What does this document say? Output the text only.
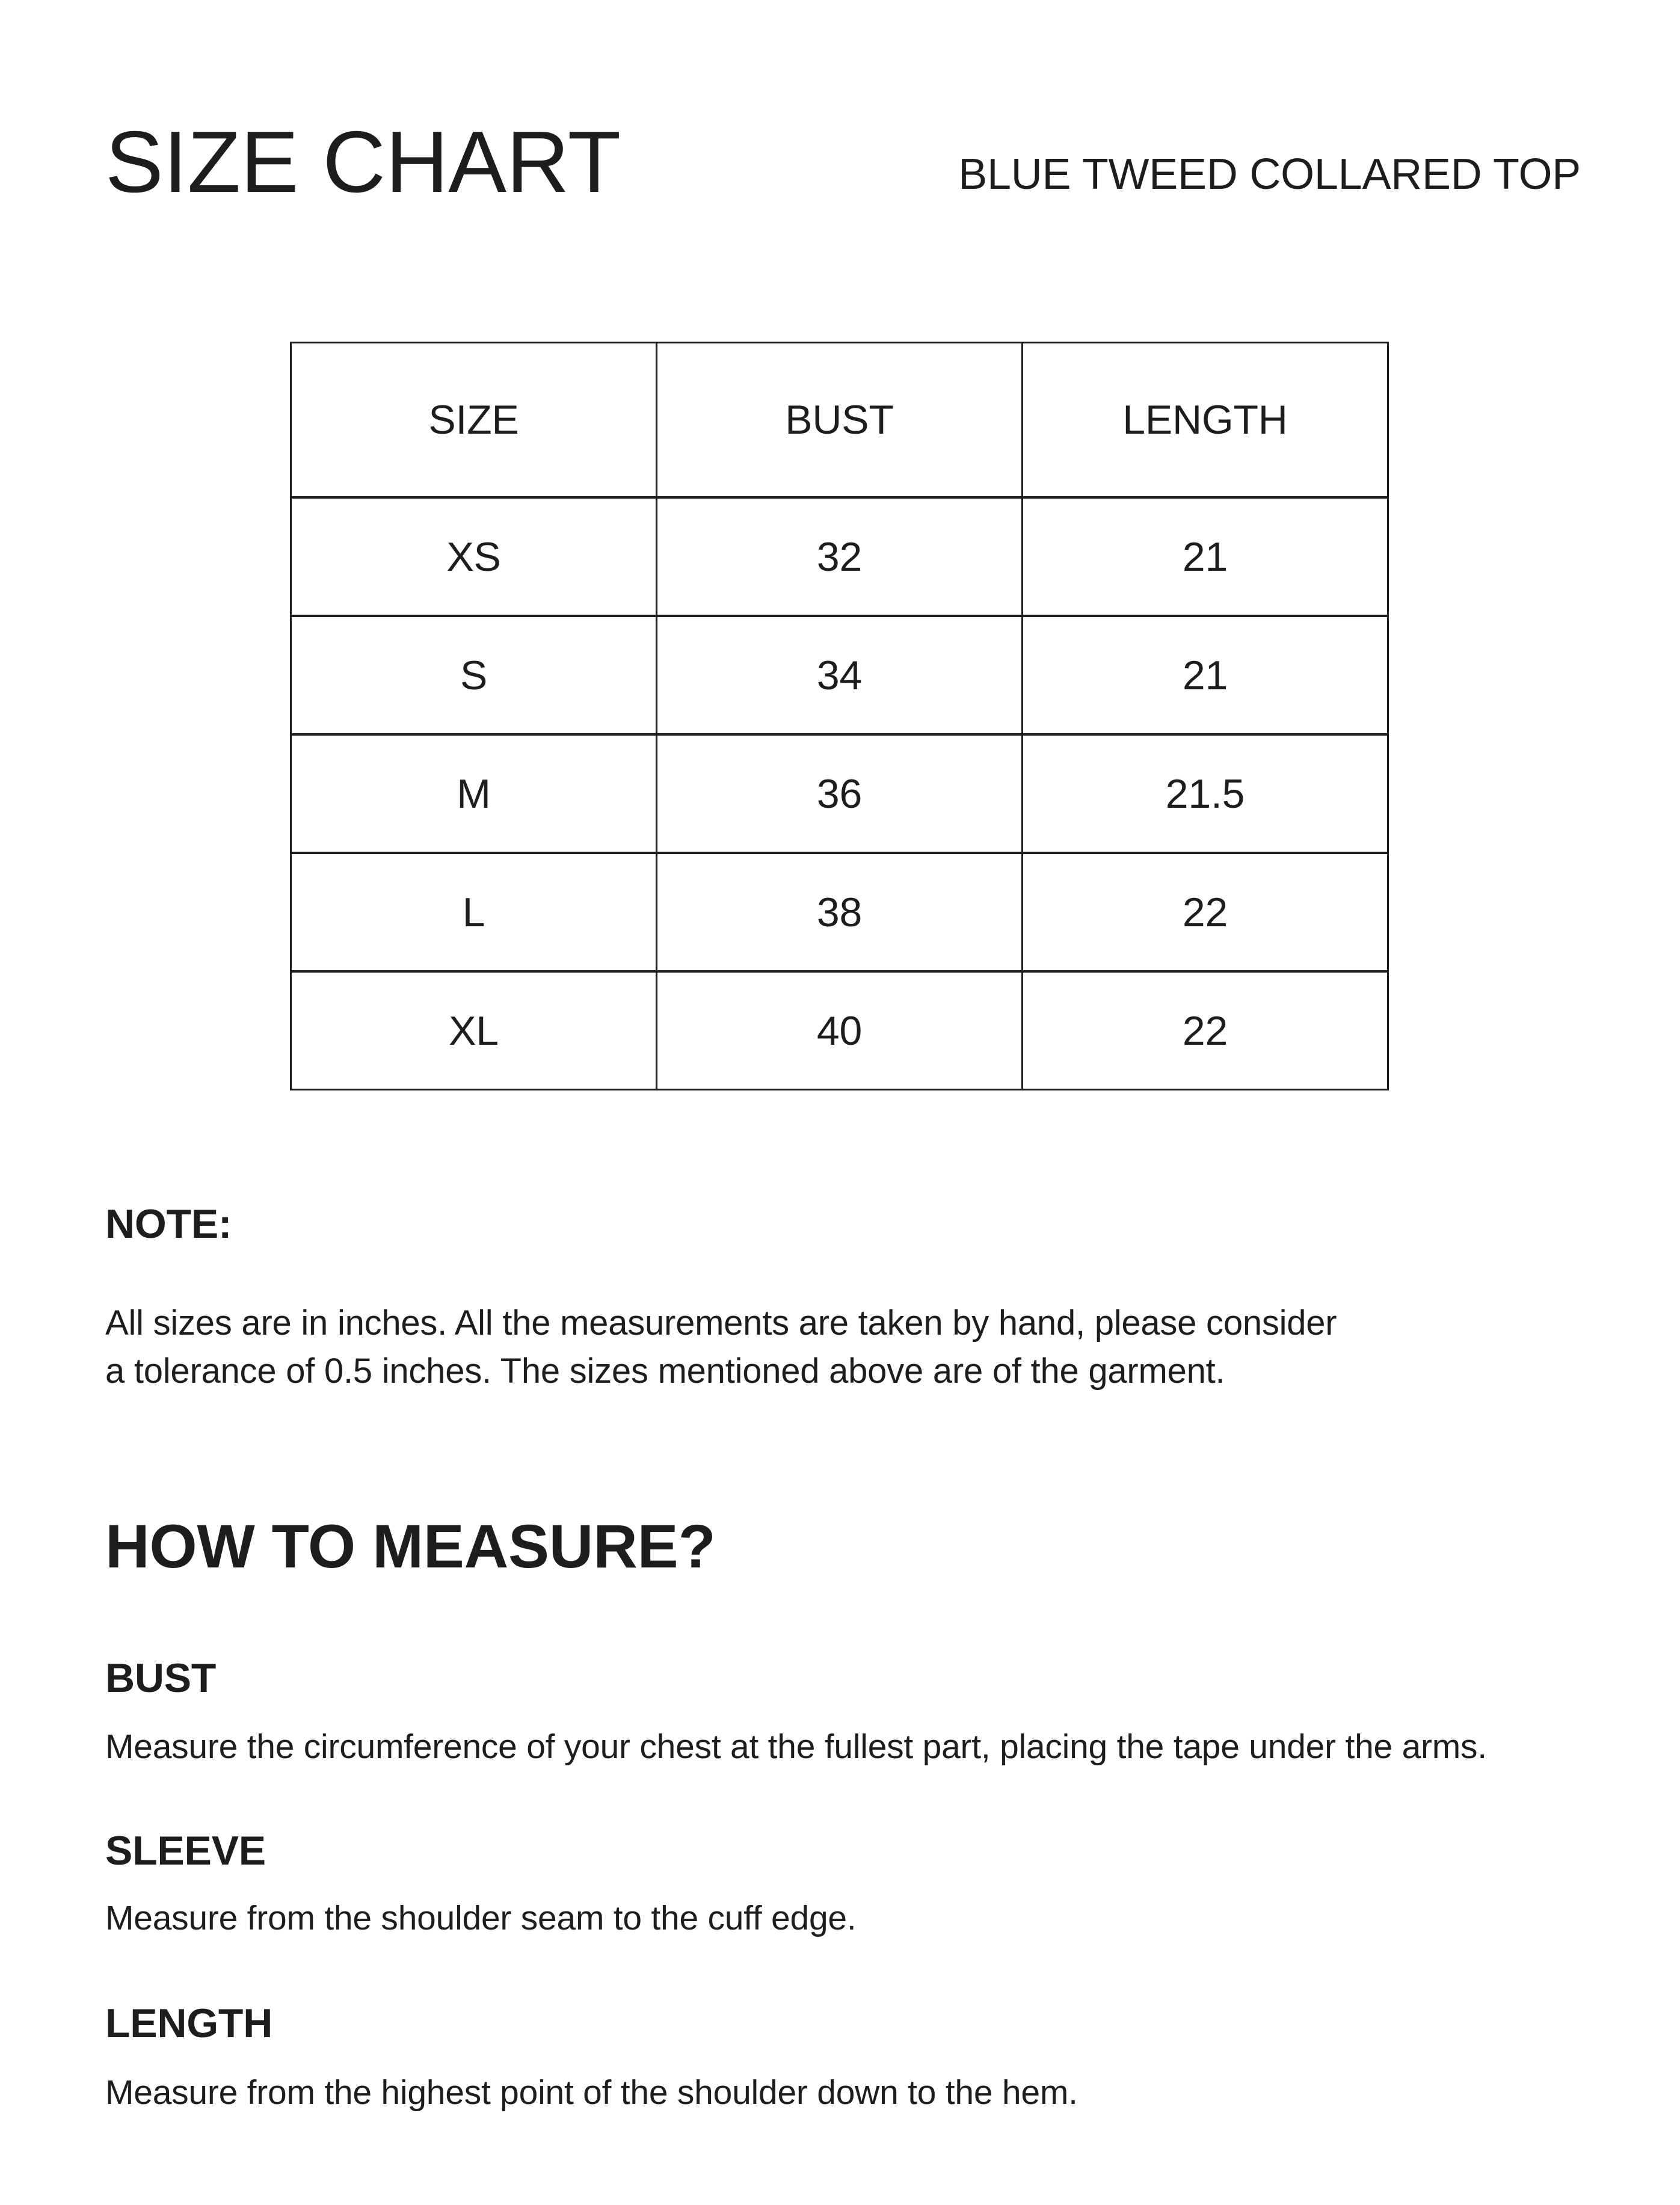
SIZE CHART	BLUE TWEED COLLARED TOP
SIZE	BUST	LENGTH
XS	32	21
S	34	21
M	36	21.5
L	38	22
XL	40	22
NOTE:
All sizes are in inches. All the measurements are taken by hand, please consider
a tolerance of 0.5 inches. The sizes mentioned above are of the garment.
HOW TO MEASURE?
BUST
Measure the circumference of your chest at the fullest part, placing the tape under the arms.
SLEEVE
Measure from the shoulder seam to the cuff edge.
LENGTH
Measure from the highest point of the shoulder down to the hem.
